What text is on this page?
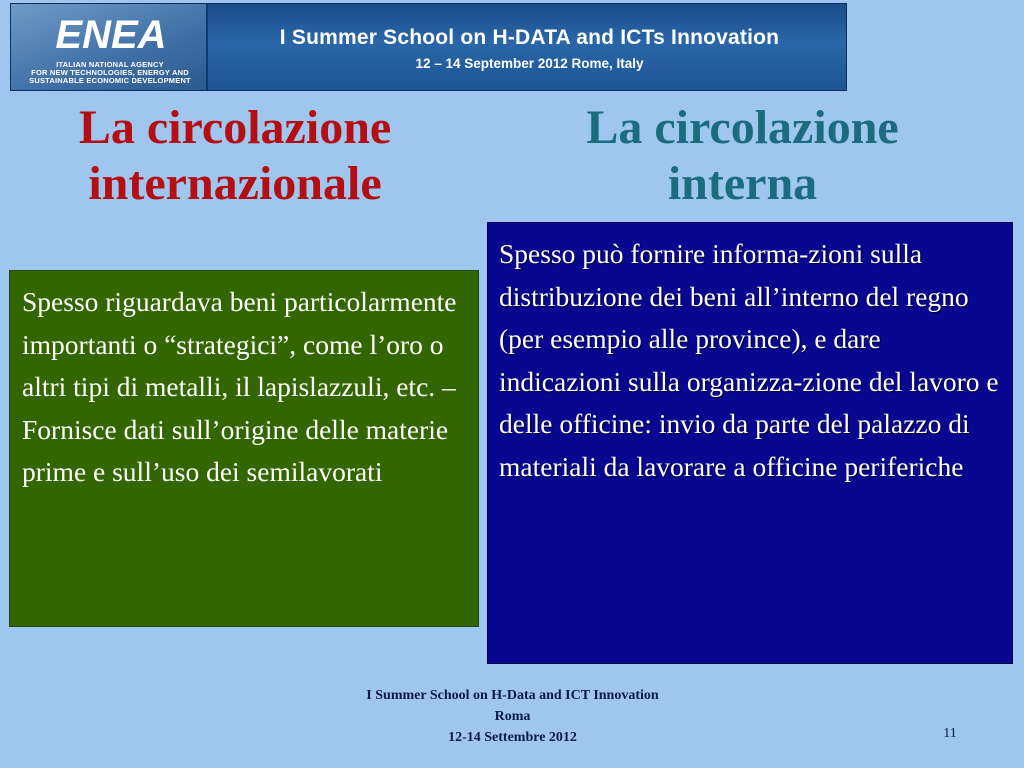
ENEA
ITALIAN NATIONAL AGENCY
FOR NEW TECHNOLOGIES, ENERGY AND
SUSTAINABLE ECONOMIC DEVELOPMENT
I Summer School on H-DATA and ICTs Innovation
12 – 14 September 2012 Rome, Italy
La circolazione internazionale
La circolazione interna

Spesso riguardava beni particolarmente importanti o “strategici”, come l’oro o altri tipi di metalli, il lapislazzuli, etc. – Fornisce dati sull’origine delle materie prime e sull’uso dei semilavorati

Spesso può fornire informa-zioni sulla distribuzione dei beni all’interno del regno (per esempio alle province), e dare indicazioni sulla organizza-zione del lavoro e delle officine: invio da parte del palazzo di materiali da lavorare a officine periferiche

I Summer School on H-Data and ICT Innovation
Roma
12-14 Settembre 2012	11
